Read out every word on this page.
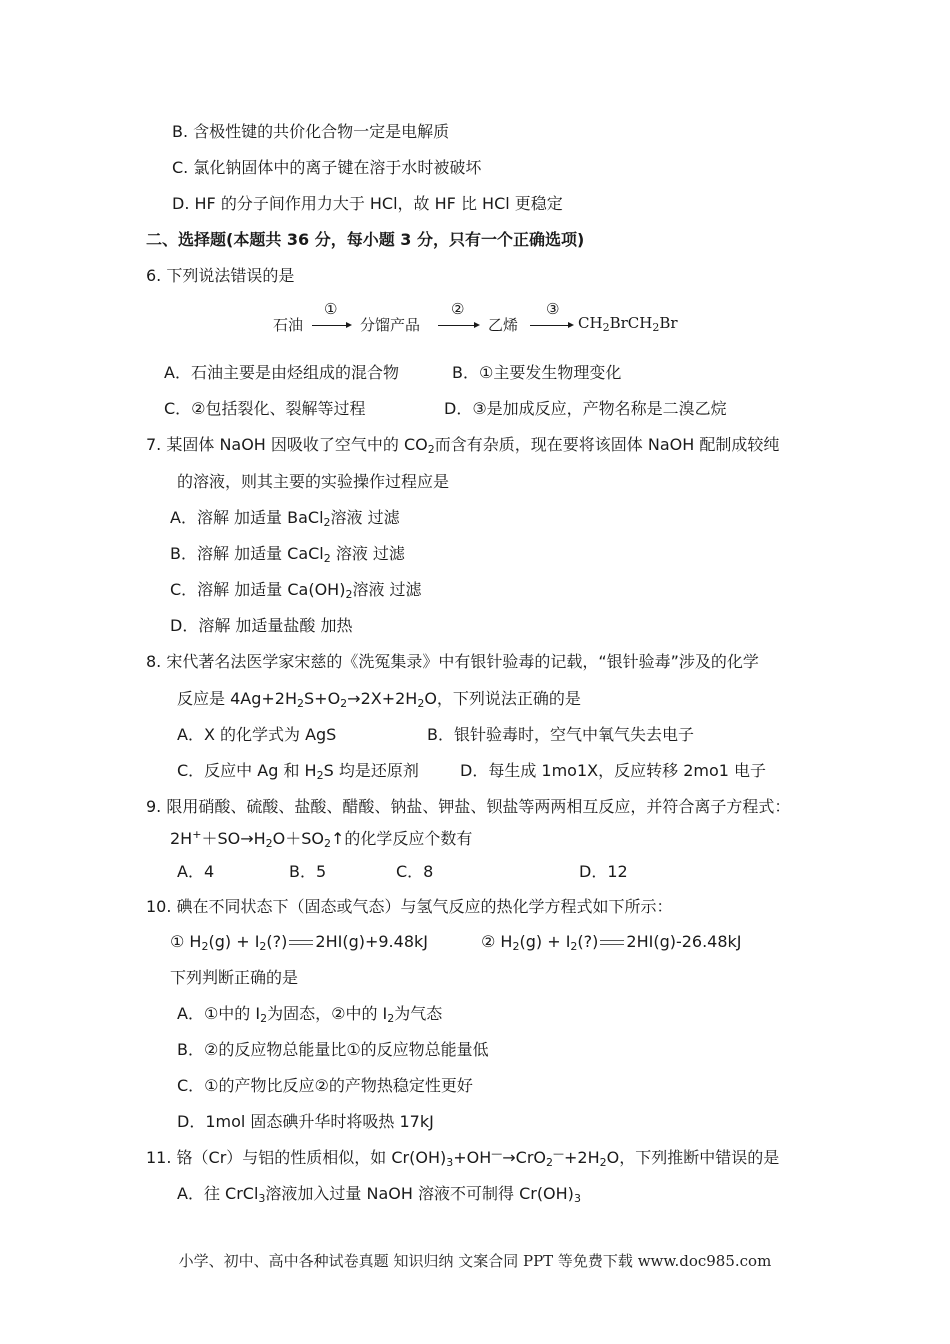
B. 含极性键的共价化合物一定是电解质
C. 氯化钠固体中的离子键在溶于水时被破坏
D. HF 的分子间作用力大于 HCl，故 HF 比 HCl 更稳定
二、选择题(本题共 36 分，每小题 3 分，只有一个正确选项)
6. 下列说法错误的是
石油
①
分馏产品
②
乙烯
③
$CH_2BrCH_2Br$
A．石油主要是由烃组成的混合物	B．①主要发生物理变化
C．②包括裂化、裂解等过程	D．③是加成反应，产物名称是二溴乙烷
7. 某固体 NaOH 因吸收了空气中的 $CO_2$而含有杂质，现在要将该固体 NaOH 配制成较纯
的溶液，则其主要的实验操作过程应是
A．溶解 加适量 BaCl$_2$溶液 过滤
B．溶解 加适量 CaCl$_2$ 溶液 过滤
C．溶解 加适量 $Ca(OH)_2$溶液 过滤
D．溶解 加适量盐酸 加热
8. 宋代著名法医学家宋慈的《洗冤集录》中有银针验毒的记载，“银针验毒”涉及的化学
反应是 $4Ag+2H_2S+O_2\to 2X+2H_2O$，下列说法正确的是
A．X 的化学式为 AgS	B．银针验毒时，空气中氧气失去电子
C．反应中 Ag 和 $H_2S$ 均是还原剂	D．每生成 1mo1X，反应转移 2mo1 电子
9. 限用硝酸、硫酸、盐酸、醋酸、钠盐、钾盐、钡盐等两两相互反应，并符合离子方程式：
$2H^++SO\to H_2O+SO_2↑$的化学反应个数有
A．4	B．5	C．8	D．12
10. 碘在不同状态下（固态或气态）与氢气反应的热化学方程式如下所示：
① $H_2(g)$ + $I_2(?)$ 2HI(g)+9.48kJ	② $H_2(g)$ + $I_2(?)$ 2HI(g)-26.48kJ
下列判断正确的是
A．①中的 $I_2$为固态，②中的 $I_2$为气态
B．②的反应物总能量比①的反应物总能量低
C．①的产物比反应②的产物热稳定性更好
D．1mol 固态碘升华时将吸热 17kJ
11. 铬（Cr）与铝的性质相似，如 $Cr(OH)_3+OH^—\to CrO_2^—+2H_2O$，下列推断中错误的是
A．往 CrCl$_3$溶液加入过量 NaOH 溶液不可制得 $Cr(OH)_3$
小学、初中、高中各种试卷真题 知识归纳 文案合同 PPT 等免费下载 www.doc985.com
